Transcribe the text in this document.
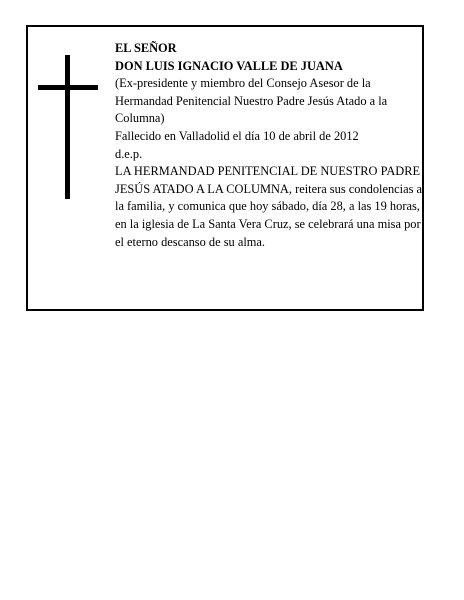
EL SEÑOR

DON LUIS IGNACIO VALLE DE JUANA

(Ex-presidente y miembro del Consejo Asesor de la Hermandad Penitencial Nuestro Padre Jesús Atado a la Columna)

Fallecido en Valladolid el día 10 de abril de 2012

d.e.p.

LA HERMANDAD PENITENCIAL DE NUESTRO PADRE JESÚS ATADO A LA COLUMNA, reitera sus condolencias a la familia, y comunica que hoy sábado, día 28, a las 19 horas, en la iglesia de La Santa Vera Cruz, se celebrará una misa por el eterno descanso de su alma.
